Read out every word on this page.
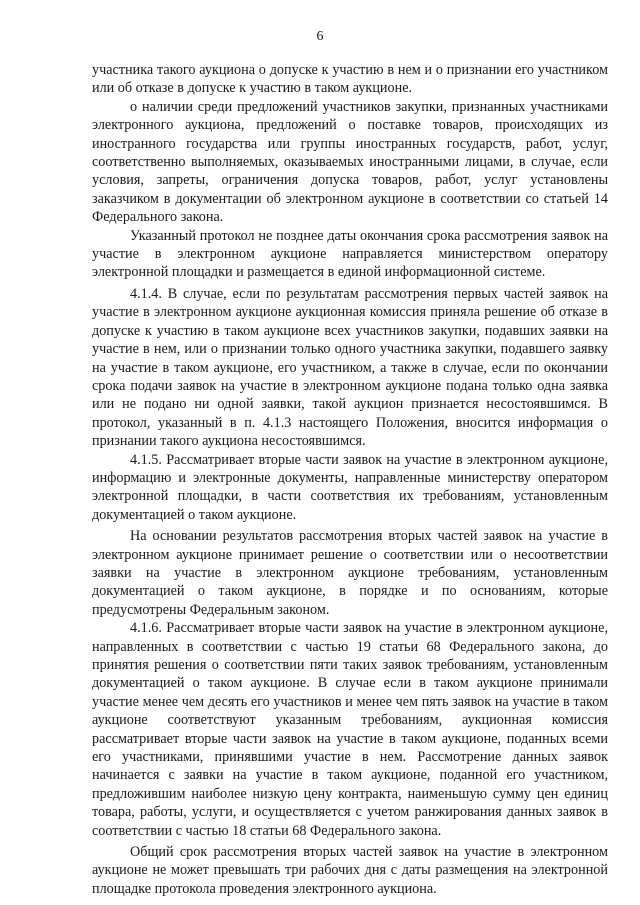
6

участника такого аукциона о допуске к участию в нем и о признании его участником или об отказе в допуске к участию в таком аукционе.

о наличии среди предложений участников закупки, признанных участниками электронного аукциона, предложений о поставке товаров, происходящих из иностранного государства или группы иностранных государств, работ, услуг, соответственно выполняемых, оказываемых иностранными лицами, в случае, если условия, запреты, ограничения допуска товаров, работ, услуг установлены заказчиком в документации об электронном аукционе в соответствии со статьей 14 Федерального закона.

Указанный протокол не позднее даты окончания срока рассмотрения заявок на участие в электронном аукционе направляется министерством оператору электронной площадки и размещается в единой информационной системе.

4.1.4. В случае, если по результатам рассмотрения первых частей заявок на участие в электронном аукционе аукционная комиссия приняла решение об отказе в допуске к участию в таком аукционе всех участников закупки, подавших заявки на участие в нем, или о признании только одного участника закупки, подавшего заявку на участие в таком аукционе, его участником, а также в случае, если по окончании срока подачи заявок на участие в электронном аукционе подана только одна заявка или не подано ни одной заявки, такой аукцион признается несостоявшимся. В протокол, указанный в п. 4.1.3 настоящего Положения, вносится информация о признании такого аукциона несостоявшимся.

4.1.5. Рассматривает вторые части заявок на участие в электронном аукционе, информацию и электронные документы, направленные министерству оператором электронной площадки, в части соответствия их требованиям, установленным документацией о таком аукционе.

На основании результатов рассмотрения вторых частей заявок на участие в электронном аукционе принимает решение о соответствии или о несоответствии заявки на участие в электронном аукционе требованиям, установленным документацией о таком аукционе, в порядке и по основаниям, которые предусмотрены Федеральным законом.

4.1.6. Рассматривает вторые части заявок на участие в электронном аукционе, направленных в соответствии с частью 19 статьи 68 Федерального закона, до принятия решения о соответствии пяти таких заявок требованиям, установленным документацией о таком аукционе. В случае если в таком аукционе принимали участие менее чем десять его участников и менее чем пять заявок на участие в таком аукционе соответствуют указанным требованиям, аукционная комиссия рассматривает вторые части заявок на участие в таком аукционе, поданных всеми его участниками, принявшими участие в нем. Рассмотрение данных заявок начинается с заявки на участие в таком аукционе, поданной его участником, предложившим наиболее низкую цену контракта, наименьшую сумму цен единиц товара, работы, услуги, и осуществляется с учетом ранжирования данных заявок в соответствии с частью 18 статьи 68 Федерального закона.

Общий срок рассмотрения вторых частей заявок на участие в электронном аукционе не может превышать три рабочих дня с даты размещения на электронной площадке протокола проведения электронного аукциона.
